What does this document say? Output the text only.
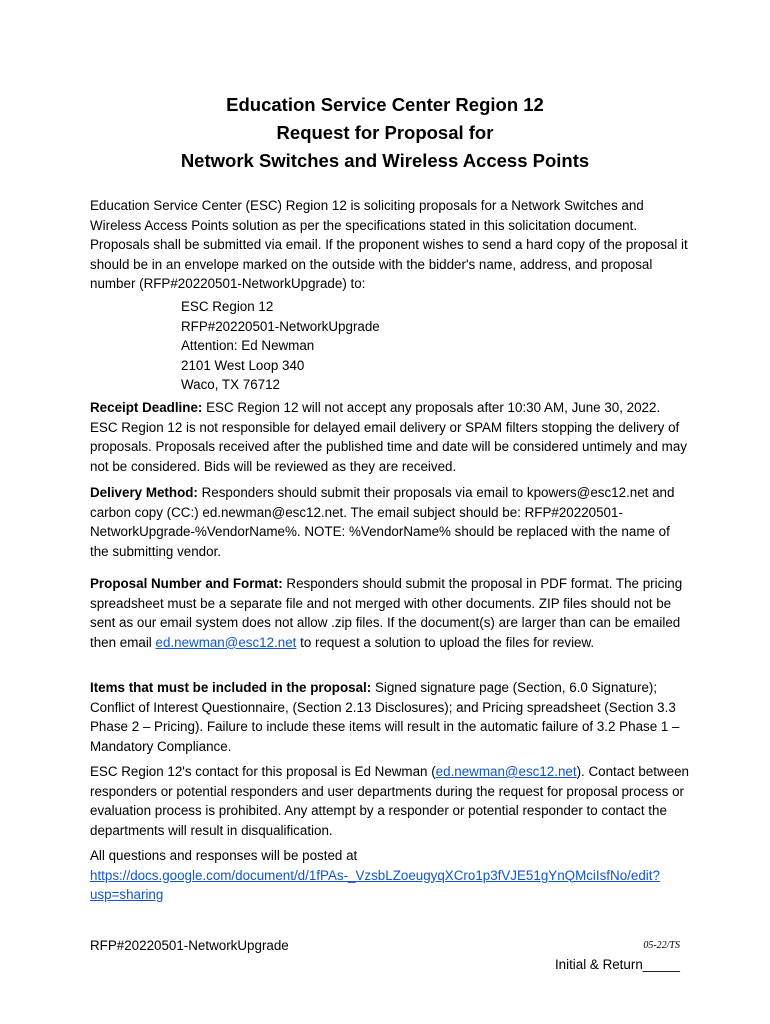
Education Service Center Region 12
Request for Proposal for
Network Switches and Wireless Access Points
Education Service Center (ESC) Region 12 is soliciting proposals for a Network Switches and Wireless Access Points solution as per the specifications stated in this solicitation document. Proposals shall be submitted via email. If the proponent wishes to send a hard copy of the proposal it should be in an envelope marked on the outside with the bidder's name, address, and proposal number (RFP#20220501-NetworkUpgrade) to:
ESC Region 12
RFP#20220501-NetworkUpgrade
Attention: Ed Newman
2101 West Loop 340
Waco, TX 76712
Receipt Deadline: ESC Region 12 will not accept any proposals after 10:30 AM, June 30, 2022. ESC Region 12 is not responsible for delayed email delivery or SPAM filters stopping the delivery of proposals. Proposals received after the published time and date will be considered untimely and may not be considered. Bids will be reviewed as they are received.
Delivery Method: Responders should submit their proposals via email to kpowers@esc12.net and carbon copy (CC:) ed.newman@esc12.net. The email subject should be: RFP#20220501-NetworkUpgrade-%VendorName%. NOTE: %VendorName% should be replaced with the name of the submitting vendor.
Proposal Number and Format: Responders should submit the proposal in PDF format. The pricing spreadsheet must be a separate file and not merged with other documents. ZIP files should not be sent as our email system does not allow .zip files. If the document(s) are larger than can be emailed then email ed.newman@esc12.net to request a solution to upload the files for review.
Items that must be included in the proposal: Signed signature page (Section, 6.0 Signature); Conflict of Interest Questionnaire, (Section 2.13 Disclosures); and Pricing spreadsheet (Section 3.3 Phase 2 – Pricing). Failure to include these items will result in the automatic failure of 3.2 Phase 1 – Mandatory Compliance.
ESC Region 12's contact for this proposal is Ed Newman (ed.newman@esc12.net). Contact between responders or potential responders and user departments during the request for proposal process or evaluation process is prohibited. Any attempt by a responder or potential responder to contact the departments will result in disqualification.
All questions and responses will be posted at
https://docs.google.com/document/d/1fPAs-_VzsbLZoeugyqXCro1p3fVJE51gYnQMciIsfNo/edit?
usp=sharing
RFP#20220501-NetworkUpgrade	05-22/TS
Initial & Return_____
